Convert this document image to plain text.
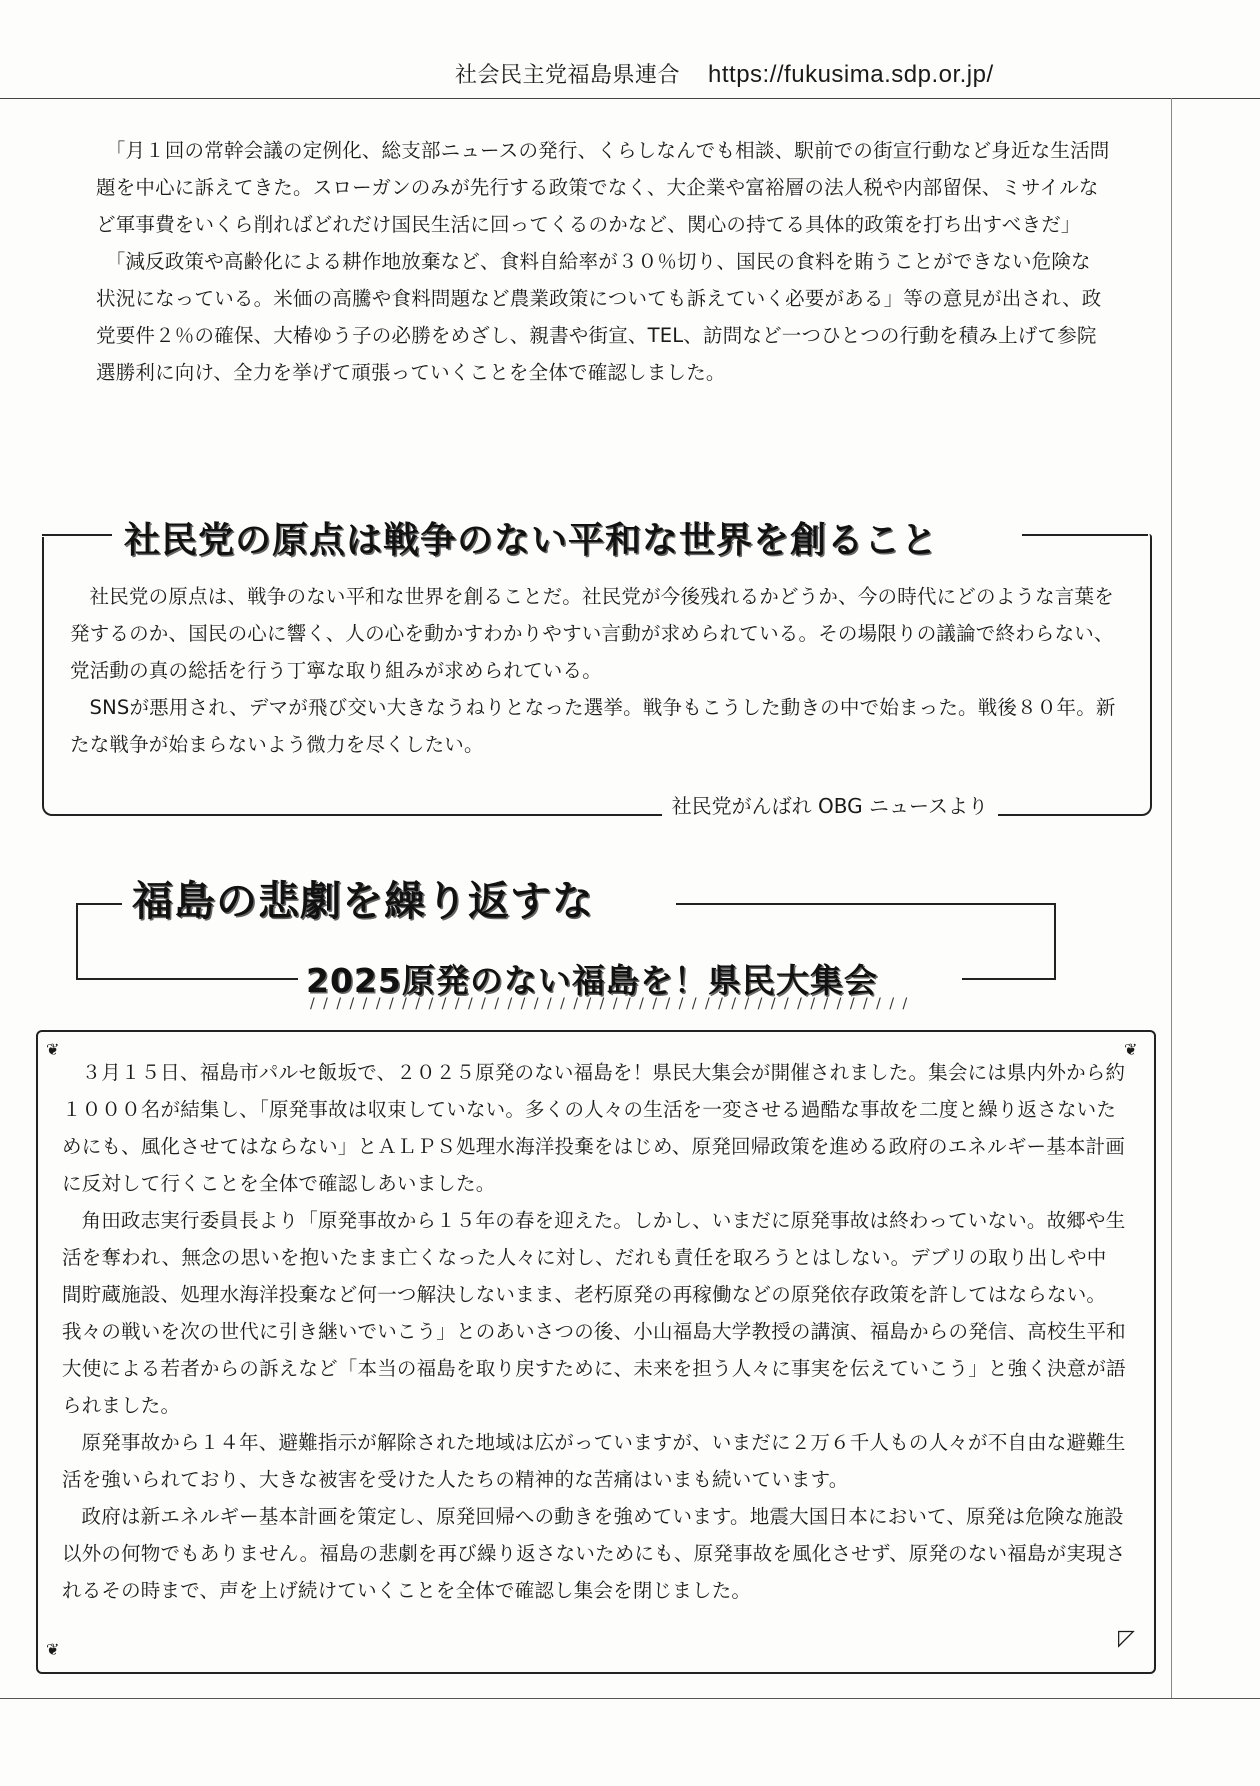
社会民主党福島県連合 https://fukusima.sdp.or.jp/

「月１回の常幹会議の定例化、総支部ニュースの発行、くらしなんでも相談、駅前での街宣行動など身近な生活問題を中心に訴えてきた。スローガンのみが先行する政策でなく、大企業や富裕層の法人税や内部留保、ミサイルなど軍事費をいくら削ればどれだけ国民生活に回ってくるのかなど、関心の持てる具体的政策を打ち出すべきだ」

「減反政策や高齢化による耕作地放棄など、食料自給率が３０％切り、国民の食料を賄うことができない危険な状況になっている。米価の高騰や食料問題など農業政策についても訴えていく必要がある」等の意見が出され、政党要件２％の確保、大椿ゆう子の必勝をめざし、親書や街宣、TEL、訪問など一つひとつの行動を積み上げて参院選勝利に向け、全力を挙げて頑張っていくことを全体で確認しました。

社民党の原点は戦争のない平和な世界を創ること

社民党の原点は、戦争のない平和な世界を創ることだ。社民党が今後残れるかどうか、今の時代にどのような言葉を発するのか、国民の心に響く、人の心を動かすわかりやすい言動が求められている。その場限りの議論で終わらない、党活動の真の総括を行う丁寧な取り組みが求められている。

SNSが悪用され、デマが飛び交い大きなうねりとなった選挙。戦争もこうした動きの中で始まった。戦後８０年。新たな戦争が始まらないよう微力を尽くしたい。

社民党がんばれ OBG ニュースより
福島の悲劇を繰り返すな
2025原発のない福島を！県民大集会
/ / / / / / / / / / / / / / / / / / / / / / / / / / / / / / / / / / / / / / / / / / / / / /
❦	❦
❦	◸

３月１５日、福島市パルセ飯坂で、２０２５原発のない福島を！県民大集会が開催されました。集会には県内外から約１０００名が結集し、「原発事故は収束していない。多くの人々の生活を一変させる過酷な事故を二度と繰り返さないためにも、風化させてはならない」とＡＬＰＳ処理水海洋投棄をはじめ、原発回帰政策を進める政府のエネルギー基本計画に反対して行くことを全体で確認しあいました。

角田政志実行委員長より「原発事故から１５年の春を迎えた。しかし、いまだに原発事故は終わっていない。故郷や生活を奪われ、無念の思いを抱いたまま亡くなった人々に対し、だれも責任を取ろうとはしない。デブリの取り出しや中間貯蔵施設、処理水海洋投棄など何一つ解決しないまま、老朽原発の再稼働などの原発依存政策を許してはならない。我々の戦いを次の世代に引き継いでいこう」とのあいさつの後、小山福島大学教授の講演、福島からの発信、高校生平和大使による若者からの訴えなど「本当の福島を取り戻すために、未来を担う人々に事実を伝えていこう」と強く決意が語られました。

原発事故から１４年、避難指示が解除された地域は広がっていますが、いまだに２万６千人もの人々が不自由な避難生活を強いられており、大きな被害を受けた人たちの精神的な苦痛はいまも続いています。

政府は新エネルギー基本計画を策定し、原発回帰への動きを強めています。地震大国日本において、原発は危険な施設以外の何物でもありません。福島の悲劇を再び繰り返さないためにも、原発事故を風化させず、原発のない福島が実現されるその時まで、声を上げ続けていくことを全体で確認し集会を閉じました。
